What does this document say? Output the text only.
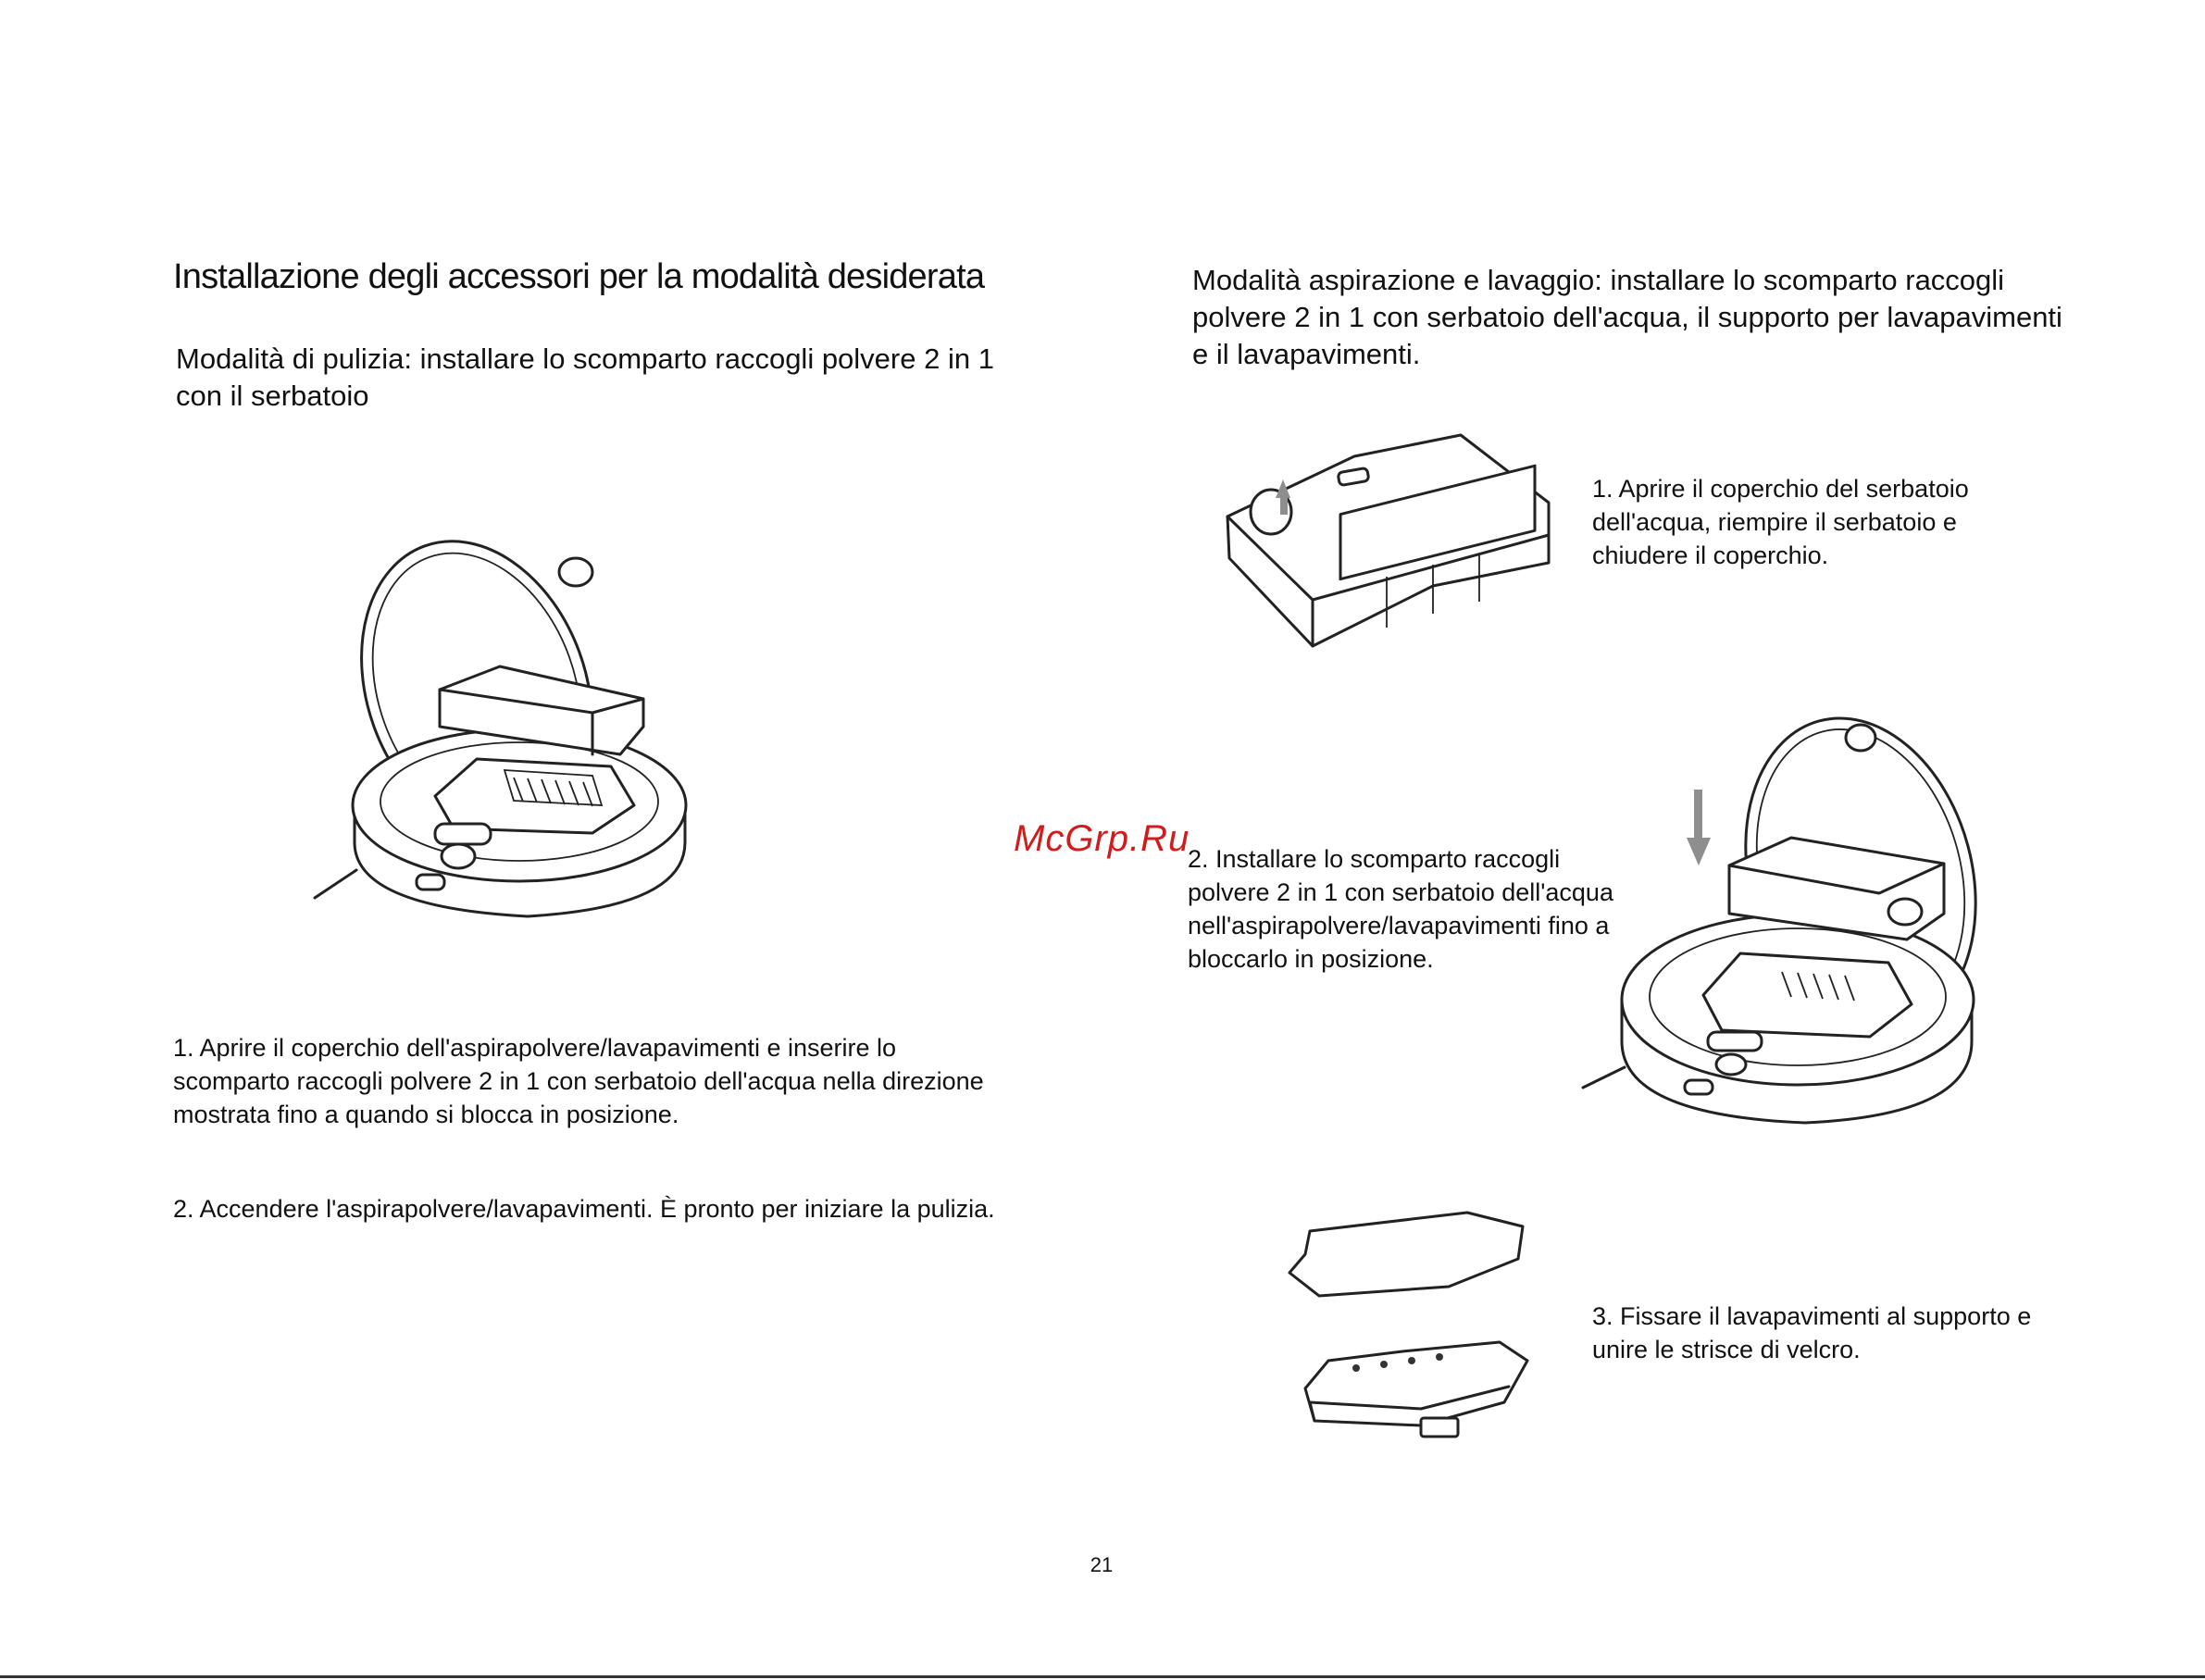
Installazione degli accessori per la modalità desiderata

Modalità di pulizia: installare lo scomparto raccogli polvere 2 in 1 con il serbatoio

1. Aprire il coperchio dell'aspirapolvere/lavapavimenti e inserire lo scomparto raccogli polvere 2 in 1 con serbatoio dell'acqua nella direzione mostrata fino a quando si blocca in posizione.

2. Accendere l'aspirapolvere/lavapavimenti. È pronto per iniziare la pulizia.

Modalità aspirazione e lavaggio: installare lo scomparto raccogli polvere 2 in 1 con serbatoio dell'acqua, il supporto per lavapavimenti e il lavapavimenti.

1. Aprire il coperchio del serbatoio dell'acqua, riempire il serbatoio e chiudere il coperchio.

McGrp.Ru

2. Installare lo scomparto raccogli polvere 2 in 1 con serbatoio dell'acqua nell'aspirapolvere/lavapavimenti fino a bloccarlo in posizione.

3. Fissare il lavapavimenti al supporto e unire le strisce di velcro.

21
